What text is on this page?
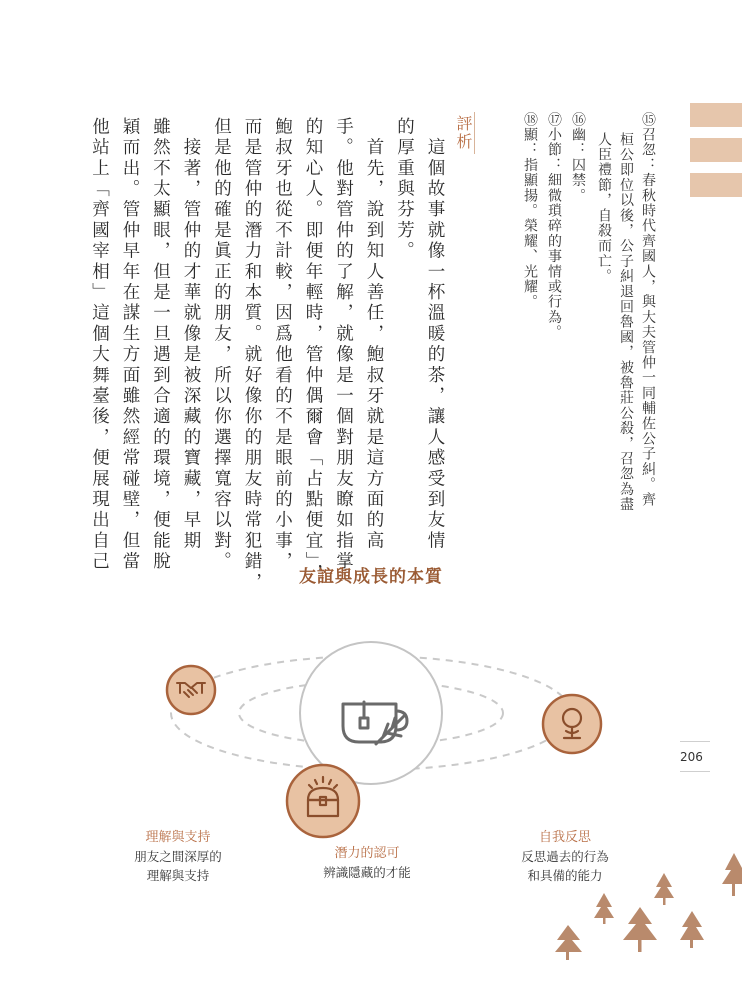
⑮召忽：春秋時代齊國人，與大夫管仲一同輔佐公子糾。齊
桓公即位以後，公子糾退回魯國，被魯莊公殺，召忽為盡
人臣禮節，自殺而亡。
⑯幽：囚禁。
⑰小節：細微瑣碎的事情或行為。
⑱顯：指顯揚。榮耀、光耀。
評析
　這個故事就像一杯溫暖的茶，讓人感受到友情
的厚重與芬芳。
　首先，說到知人善任，鮑叔牙就是這方面的高
手。他對管仲的了解，就像是一個對朋友瞭如指掌
的知心人。即便年輕時，管仲偶爾會「占點便宜」，
鮑叔牙也從不計較，因爲他看的不是眼前的小事，
而是管仲的潛力和本質。就好像你的朋友時常犯錯，
但是他的確是眞正的朋友，所以你選擇寬容以對。
　接著，管仲的才華就像是被深藏的寶藏，早期
雖然不太顯眼，但是一旦遇到合適的環境，便能脫
穎而出。管仲早年在謀生方面雖然經常碰壁，但當
他站上「齊國宰相」這個大舞臺後，便展現出自己
206
友誼與成長的本質
理解與支持
朋友之間深厚的
理解與支持
潛力的認可
辨識隱藏的才能
自我反思
反思過去的行為
和具備的能力
